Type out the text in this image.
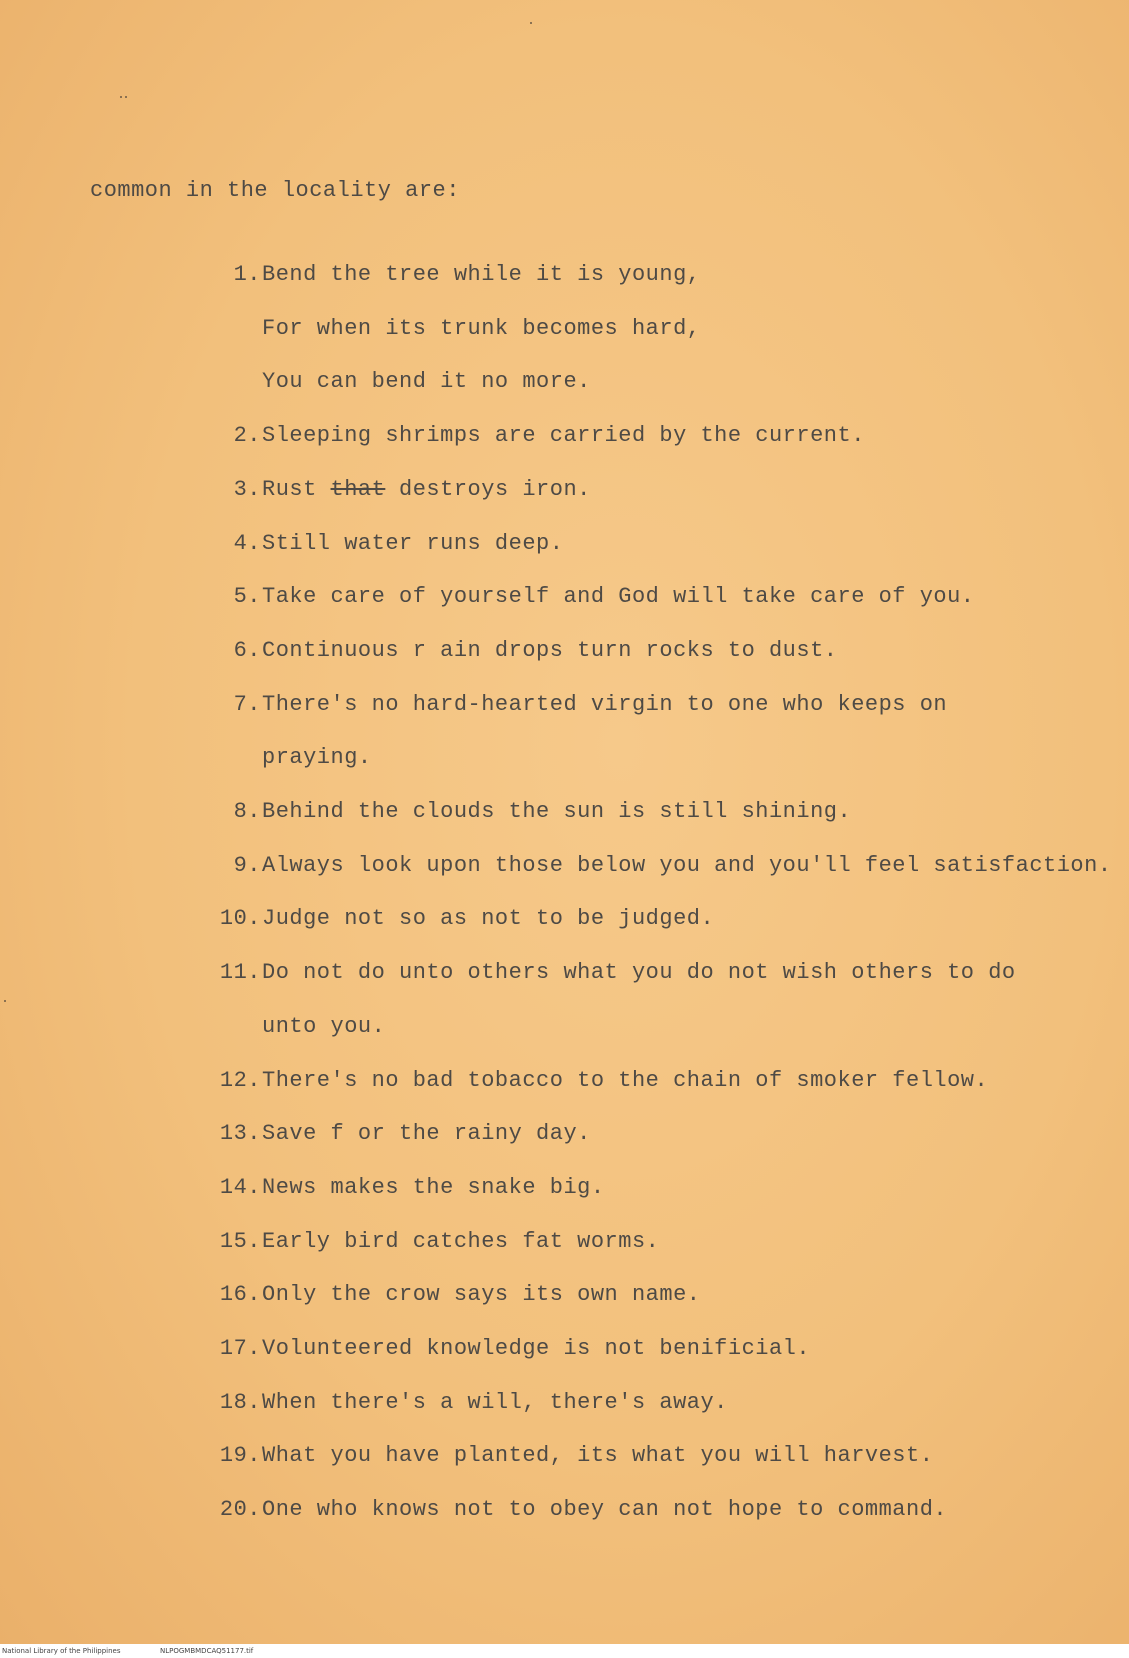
common in the locality are:
1. Bend the tree while it is young,
For when its trunk becomes hard,
You can bend it no more.
2. Sleeping shrimps are carried by the current.
3. Rust that destroys iron.
4. Still water runs deep.
5. Take care of yourself and God will take care of you.
6. Continuous r ain drops turn rocks to dust.
7. There's no hard-hearted virgin to one who keeps on
praying.
8. Behind the clouds the sun is still shining.
9. Always look upon those below you and you'll feel satisfaction.
10. Judge not so as not to be judged.
11. Do not do unto others what you do not wish others to do
unto you.
12. There's no bad tobacco to the chain of smoker fellow.
13. Save f or the rainy day.
14. News makes the snake big.
15. Early bird catches fat worms.
16. Only the crow says its own name.
17. Volunteered knowledge is not benificial.
18. When there's a will, there's away.
19. What you have planted, its what you will harvest.
20. One who knows not to obey can not hope to command.
National Library of the Philippines	NLPOGMBMDCAQ51177.tif
